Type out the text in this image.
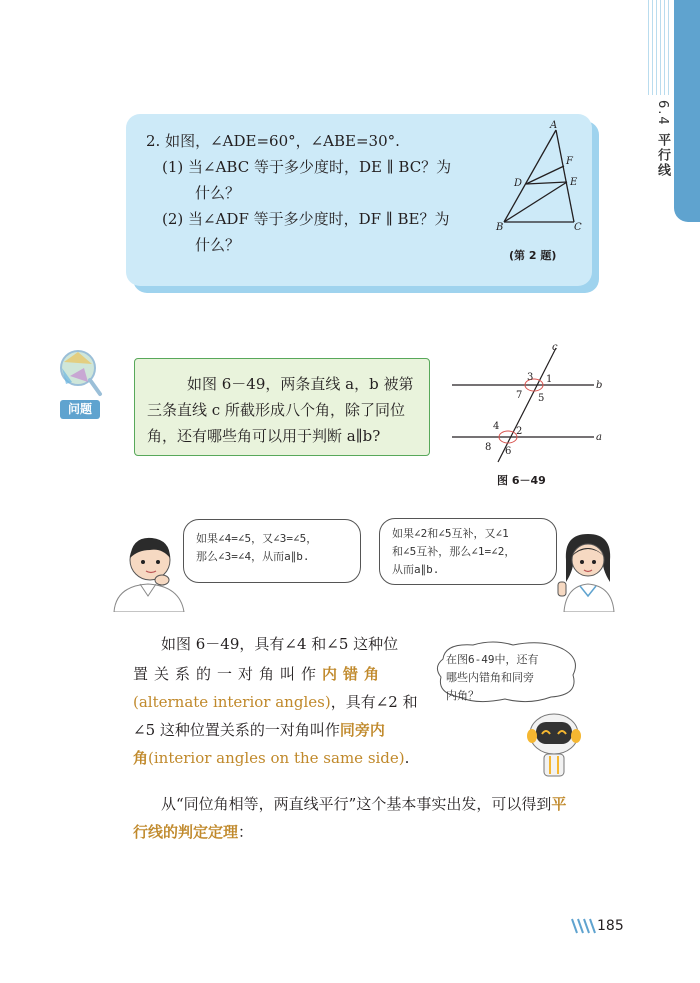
6.4 平行线
2. 如图，∠ADE=60°，∠ABE=30°.
(1) 当∠ABC 等于多少度时，DE ∥ BC？为
什么？
(2) 当∠ADF 等于多少度时，DF ∥ BE？为
什么？
A
F
D	E
B	C
(第 2 题)
问题

如图 6－49，两条直线 a，b 被第

三条直线 c 所截形成八个角，除了同位

角，还有哪些角可以用于判断 a∥b?

c
b
a
3 1
7 5
4 2
8 6
图 6－49

如果∠4=∠5，又∠3=∠5，

那么∠3=∠4，从而a∥b.

如果∠2和∠5互补，又∠1

和∠5互补，那么∠1=∠2，

从而a∥b.

如图 6－49，具有∠4 和∠5 这种位
置关系的一对角叫作内错角
(alternate interior angles)，具有∠2 和
∠5 这种位置关系的一对角叫作同旁内
角(interior angles on the same side).

在图6-49中，还有

哪些内错角和同旁

内角？

从“同位角相等，两直线平行”这个基本事实出发，可以得到平
行线的判定定理：
185
